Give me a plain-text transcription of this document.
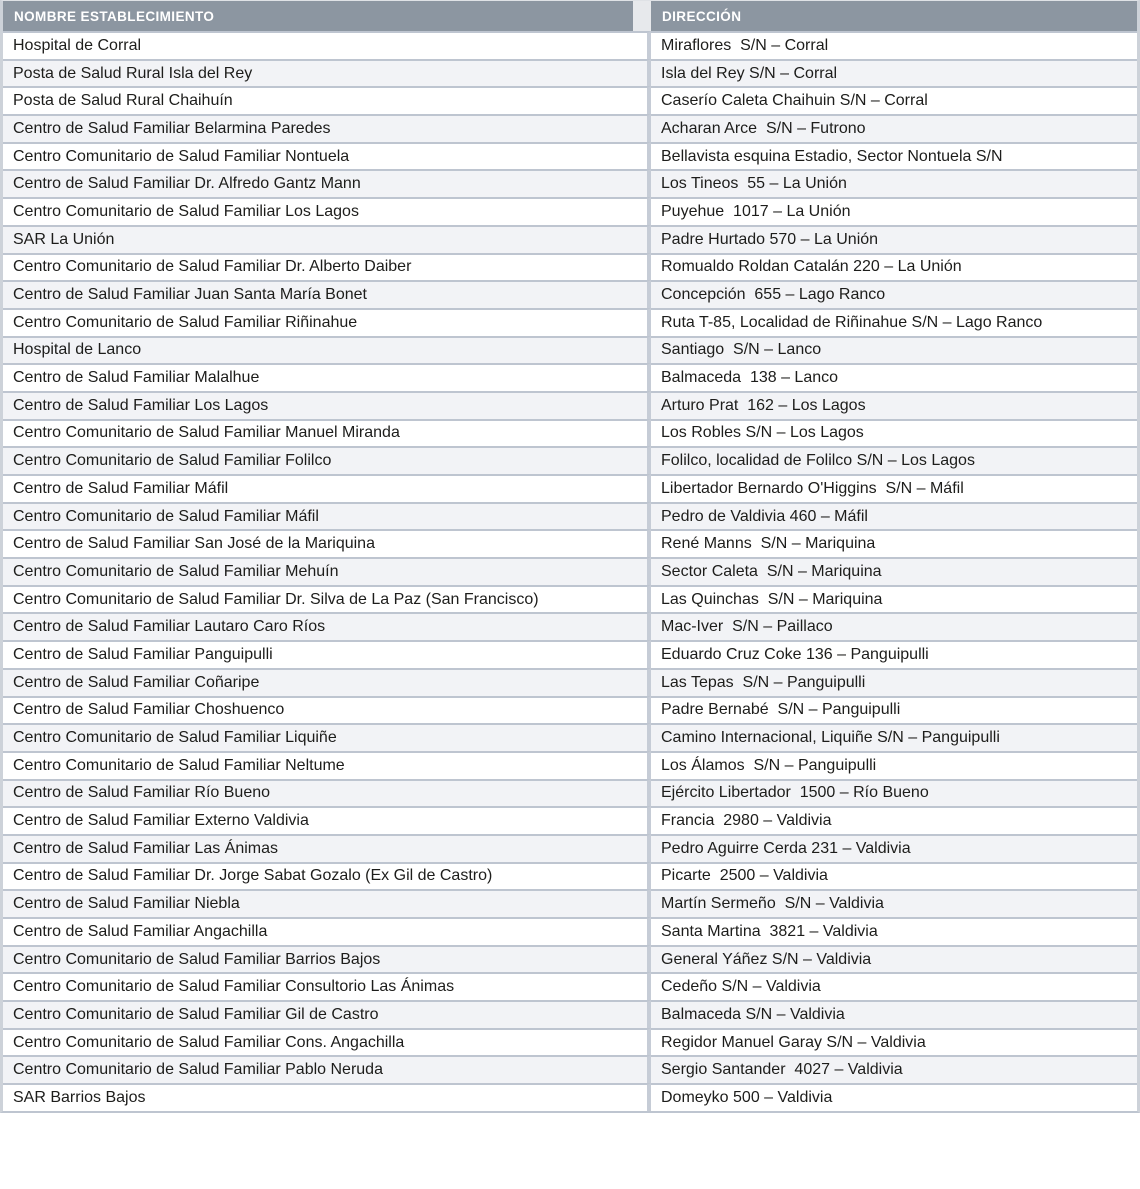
NOMBRE ESTABLECIMIENTO	DIRECCIÓN
Hospital de Corral	Miraflores  S/N – Corral
Posta de Salud Rural Isla del Rey	Isla del Rey S/N – Corral
Posta de Salud Rural Chaihuín	Caserío Caleta Chaihuin S/N – Corral
Centro de Salud Familiar Belarmina Paredes	Acharan Arce  S/N – Futrono
Centro Comunitario de Salud Familiar Nontuela	Bellavista esquina Estadio, Sector Nontuela S/N
Centro de Salud Familiar Dr. Alfredo Gantz Mann	Los Tineos  55 – La Unión
Centro Comunitario de Salud Familiar Los Lagos	Puyehue  1017 – La Unión
SAR La Unión	Padre Hurtado 570 – La Unión
Centro Comunitario de Salud Familiar Dr. Alberto Daiber	Romualdo Roldan Catalán 220 – La Unión
Centro de Salud Familiar Juan Santa María Bonet	Concepción  655 – Lago Ranco
Centro Comunitario de Salud Familiar Riñinahue	Ruta T-85, Localidad de Riñinahue S/N – Lago Ranco
Hospital de Lanco	Santiago  S/N – Lanco
Centro de Salud Familiar Malalhue	Balmaceda  138 – Lanco
Centro de Salud Familiar Los Lagos	Arturo Prat  162 – Los Lagos
Centro Comunitario de Salud Familiar Manuel Miranda	Los Robles S/N – Los Lagos
Centro Comunitario de Salud Familiar Folilco	Folilco, localidad de Folilco S/N – Los Lagos
Centro de Salud Familiar Máfil	Libertador Bernardo O'Higgins  S/N – Máfil
Centro Comunitario de Salud Familiar Máfil	Pedro de Valdivia 460 – Máfil
Centro de Salud Familiar San José de la Mariquina	René Manns  S/N – Mariquina
Centro Comunitario de Salud Familiar Mehuín	Sector Caleta  S/N – Mariquina
Centro Comunitario de Salud Familiar Dr. Silva de La Paz (San Francisco)	Las Quinchas  S/N – Mariquina
Centro de Salud Familiar Lautaro Caro Ríos	Mac-Iver  S/N – Paillaco
Centro de Salud Familiar Panguipulli	Eduardo Cruz Coke 136 – Panguipulli
Centro de Salud Familiar Coñaripe	Las Tepas  S/N – Panguipulli
Centro de Salud Familiar Choshuenco	Padre Bernabé  S/N – Panguipulli
Centro Comunitario de Salud Familiar Liquiñe	Camino Internacional, Liquiñe S/N – Panguipulli
Centro Comunitario de Salud Familiar Neltume	Los Álamos  S/N – Panguipulli
Centro de Salud Familiar Río Bueno	Ejército Libertador  1500 – Río Bueno
Centro de Salud Familiar Externo Valdivia	Francia  2980 – Valdivia
Centro de Salud Familiar Las Ánimas	Pedro Aguirre Cerda 231 – Valdivia
Centro de Salud Familiar Dr. Jorge Sabat Gozalo (Ex Gil de Castro)	Picarte  2500 – Valdivia
Centro de Salud Familiar Niebla	Martín Sermeño  S/N – Valdivia
Centro de Salud Familiar Angachilla	Santa Martina  3821 – Valdivia
Centro Comunitario de Salud Familiar Barrios Bajos	General Yáñez S/N – Valdivia
Centro Comunitario de Salud Familiar Consultorio Las Ánimas	Cedeño S/N – Valdivia
Centro Comunitario de Salud Familiar Gil de Castro	Balmaceda S/N – Valdivia
Centro Comunitario de Salud Familiar Cons. Angachilla	Regidor Manuel Garay S/N – Valdivia
Centro Comunitario de Salud Familiar Pablo Neruda	Sergio Santander  4027 – Valdivia
SAR Barrios Bajos	Domeyko 500 – Valdivia
